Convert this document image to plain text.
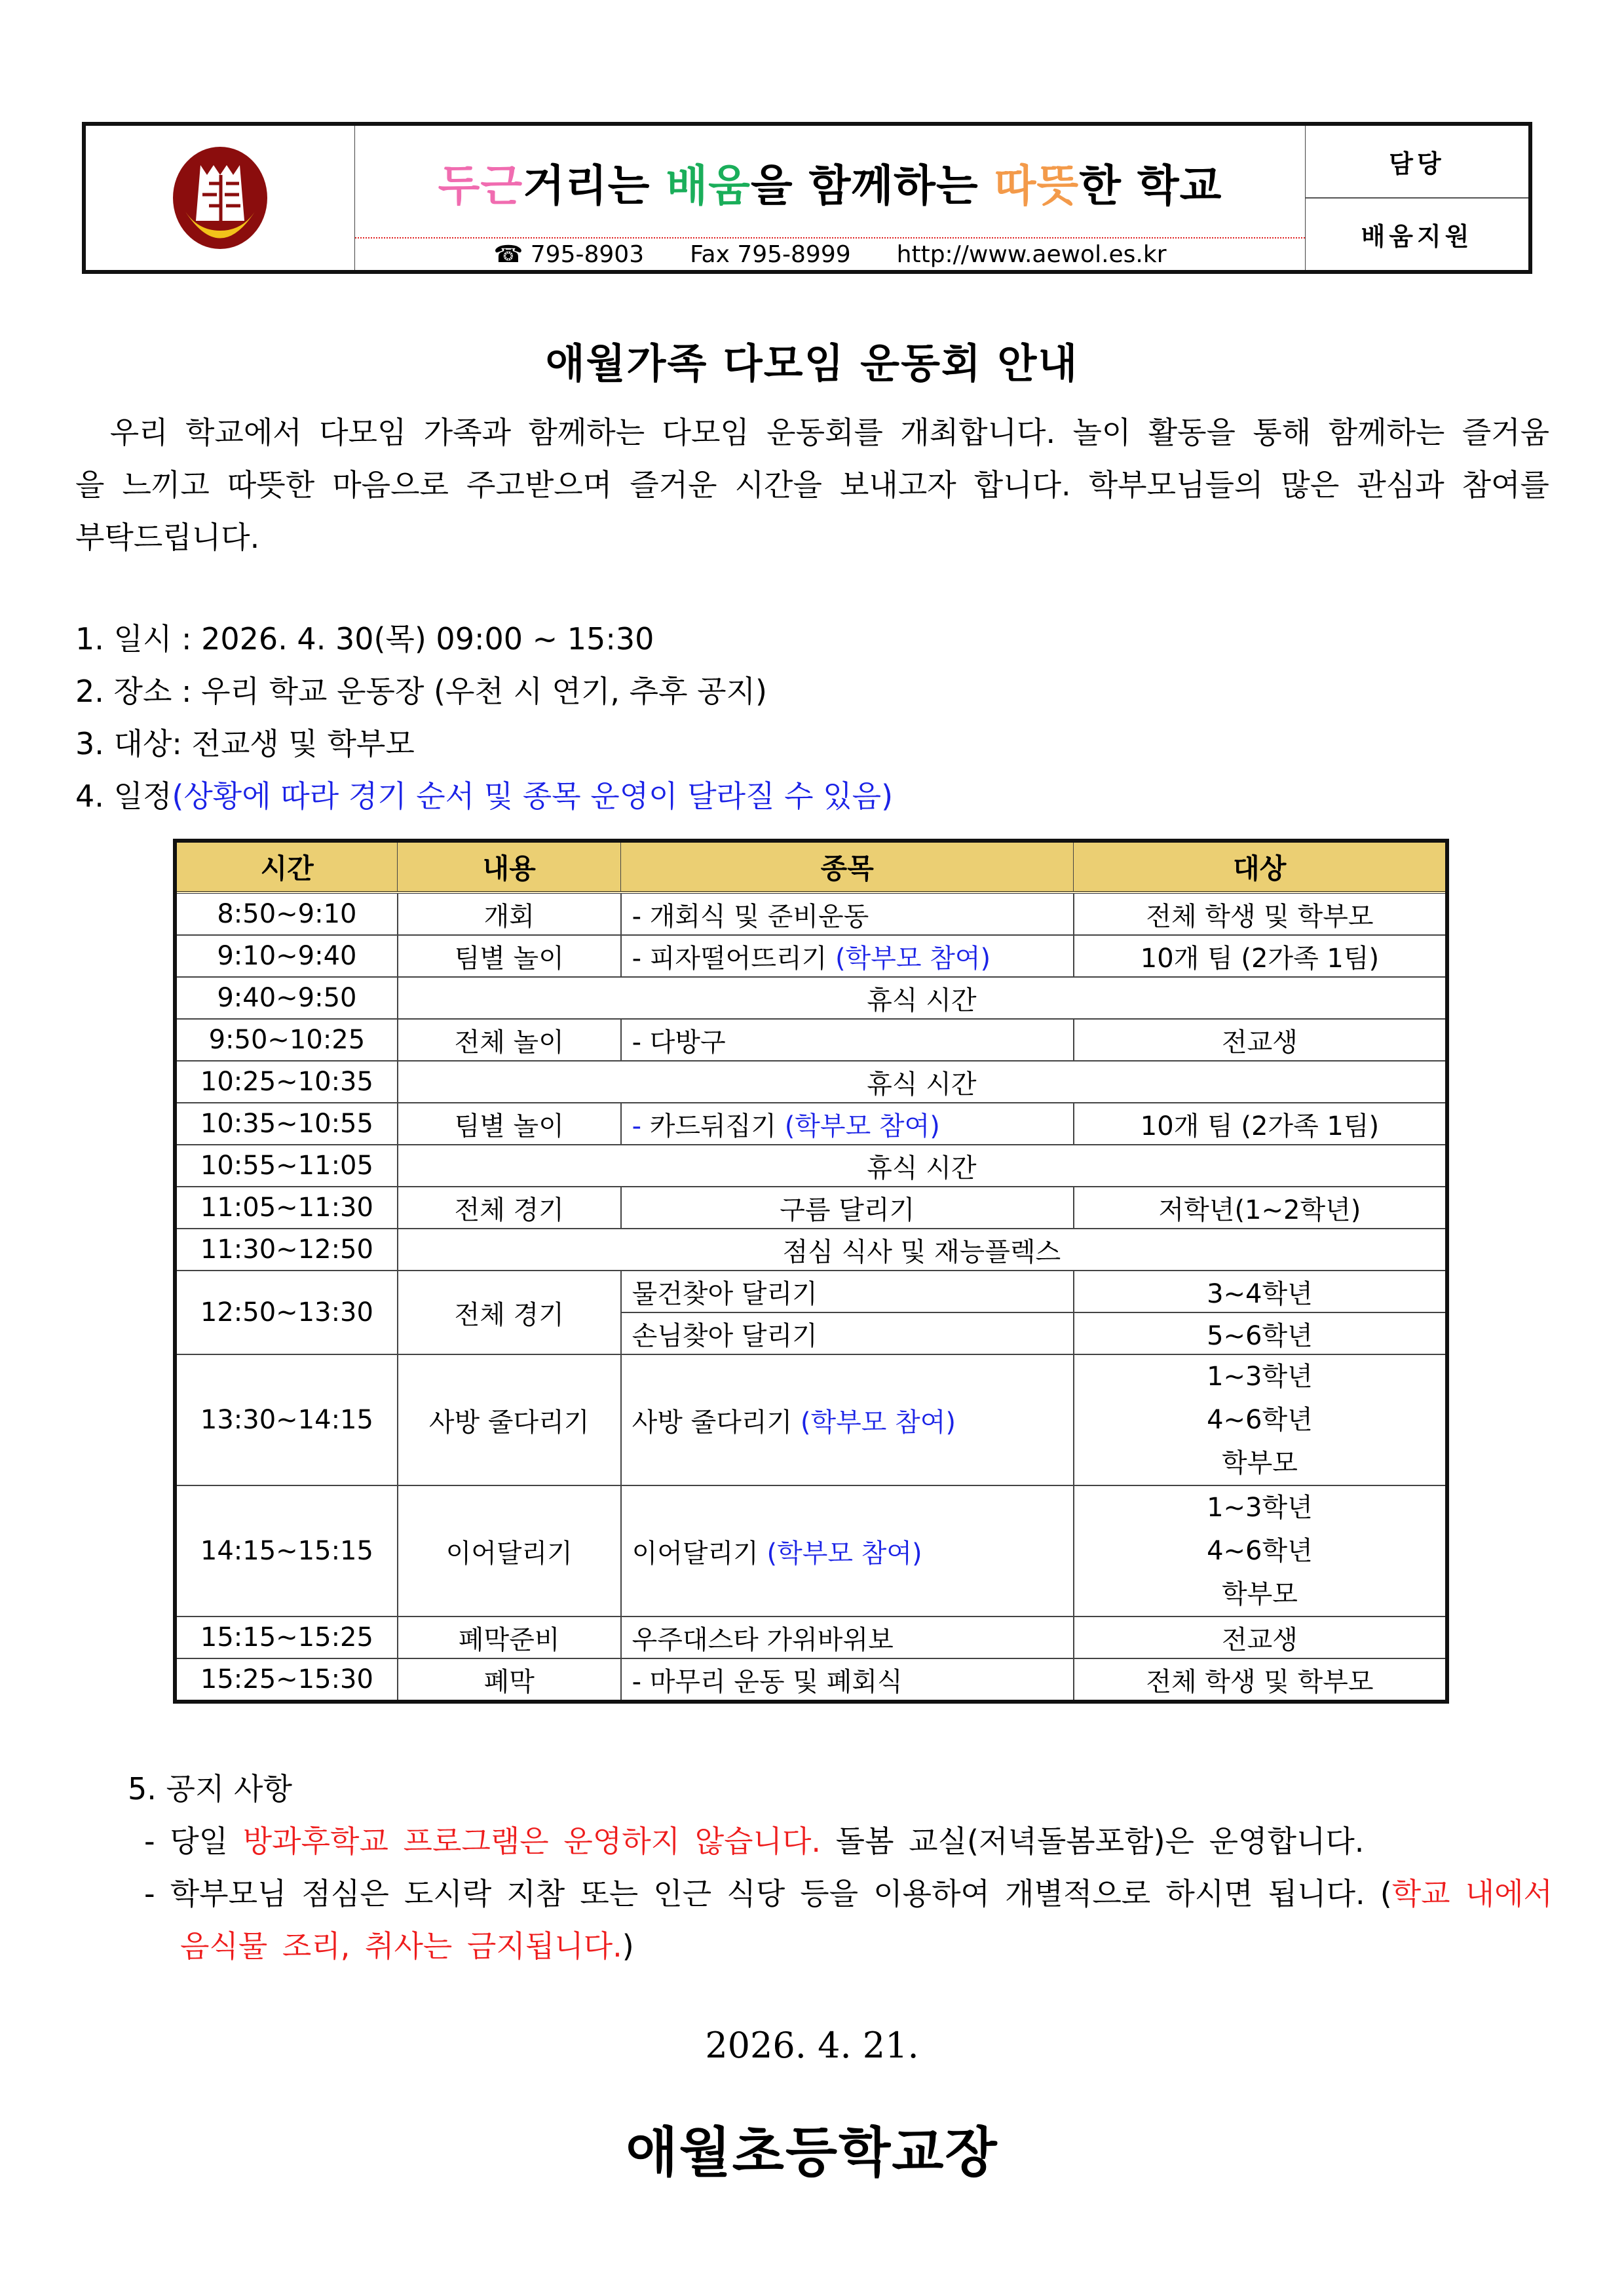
두근 거리는
배움 을 함께하는
따뜻 한 학교
☎ 795-8903 Fax 795-8999 http://www.aewol.es.kr
담당
배움지원
애월가족 다모임 운동회 안내
우리 학교에서 다모임 가족과 함께하는 다모임 운동회를 개최합니다. 놀이 활동을 통해 함께하는 즐거움을 느끼고 따뜻한 마음으로 주고받으며 즐거운 시간을 보내고자 합니다. 학부모님들의 많은 관심과 참여를 부탁드립니다.
1. 일시 : 2026. 4. 30(목) 09:00 ~ 15:30
2. 장소 : 우리 학교 운동장 (우천 시 연기, 추후 공지)
3. 대상: 전교생 및 학부모
4. 일정(상황에 따라 경기 순서 및 종목 운영이 달라질 수 있음)
시간	내용	종목	대상
8:50~9:10	개회	- 개회식 및 준비운동	전체 학생 및 학부모
9:10~9:40	팀별 놀이	- 피자떨어뜨리기 (학부모 참여)	10개 팀 (2가족 1팀)
9:40~9:50	휴식 시간		
9:50~10:25	전체 놀이	- 다방구	전교생
10:25~10:35	휴식 시간		
10:35~10:55	팀별 놀이	- 카드뒤집기 (학부모 참여)	10개 팀 (2가족 1팀)
10:55~11:05	휴식 시간		
11:05~11:30	전체 경기	구름 달리기	저학년(1~2학년)
11:30~12:50	점심 식사 및 재능플렉스		
12:50~13:30	전체 경기	물건찾아 달리기	3~4학년
		손님찾아 달리기	5~6학년
13:30~14:15	사방 줄다리기	사방 줄다리기 (학부모 참여)	1~3학년
4~6학년
학부모

14:15~15:15	이어달리기	이어달리기 (학부모 참여)	1~3학년
4~6학년
학부모

15:15~15:25	폐막준비	우주대스타 가위바위보	전교생
15:25~15:30	폐막	- 마무리 운동 및 폐회식	전체 학생 및 학부모
5. 공지 사항
- 당일 방과후학교 프로그램은 운영하지 않습니다. 돌봄 교실(저녁돌봄포함)은 운영합니다.
- 학부모님 점심은 도시락 지참 또는 인근 식당 등을 이용하여 개별적으로 하시면 됩니다. (학교 내에서 음식물 조리, 취사는 금지됩니다.)
2026. 4. 21.
애월초등학교장
